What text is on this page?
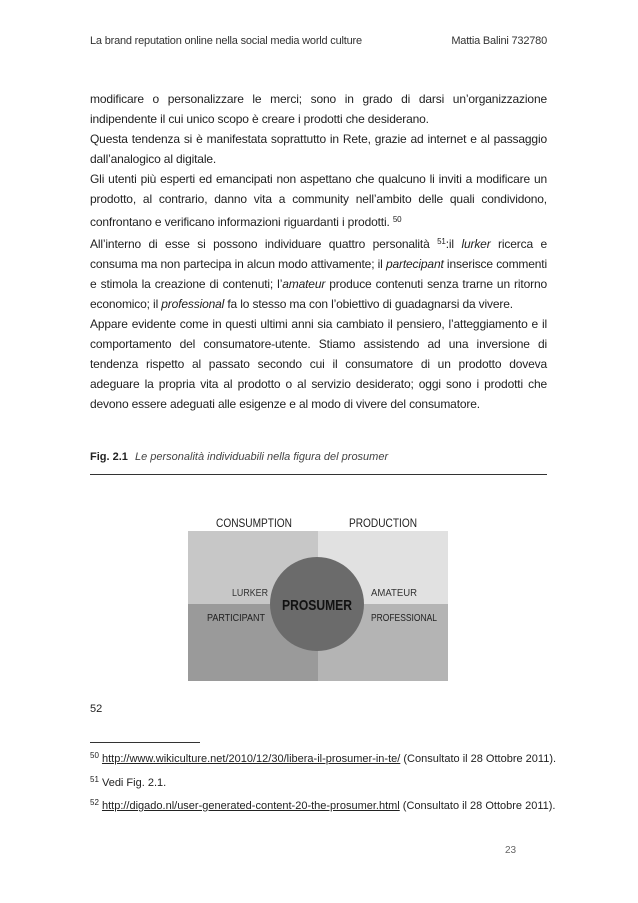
La brand reputation online nella social media world culture	Mattia Balini 732780

modificare o personalizzare le merci; sono in grado di darsi un’organizzazione indipendente il cui unico scopo è creare i prodotti che desiderano.

Questa tendenza si è manifestata soprattutto in Rete, grazie ad internet e al passaggio dall’analogico al digitale.

Gli utenti più esperti ed emancipati non aspettano che qualcuno li inviti a modificare un prodotto, al contrario, danno vita a community nell’ambito delle quali condividono, confrontano e verificano informazioni riguardanti i prodotti. $^{50}$

All’interno di esse si possono individuare quattro personalità $^{51}$:il lurker ricerca e consuma ma non partecipa in alcun modo attivamente; il partecipant inserisce commenti e stimola la creazione di contenuti; l’amateur produce contenuti senza trarne un ritorno economico; il professional fa lo stesso ma con l’obiettivo di guadagnarsi da vivere.

Appare evidente come in questi ultimi anni sia cambiato il pensiero, l’atteggiamento e il comportamento del consumatore-utente. Stiamo assistendo ad una inversione di tendenza rispetto al passato secondo cui il consumatore di un prodotto doveva adeguare la propria vita al prodotto o al servizio desiderato; oggi sono i prodotti che devono essere adeguati alle esigenze e al modo di vivere del consumatore.

Fig. 2.1 Le personalità individuabili nella figura del prosumer
CONSUMPTION	PRODUCTION
LURKER
PARTICIPANT
AMATEUR
PROFESSIONAL
PROSUMER
52
$^{50}$ http://www.wikiculture.net/2010/12/30/libera-il-prosumer-in-te/ (Consultato il 28 Ottobre 2011).
$^{51}$ Vedi Fig. 2.1.
$^{52}$ http://digado.nl/user-generated-content-20-the-prosumer.html (Consultato il 28 Ottobre 2011).
23
